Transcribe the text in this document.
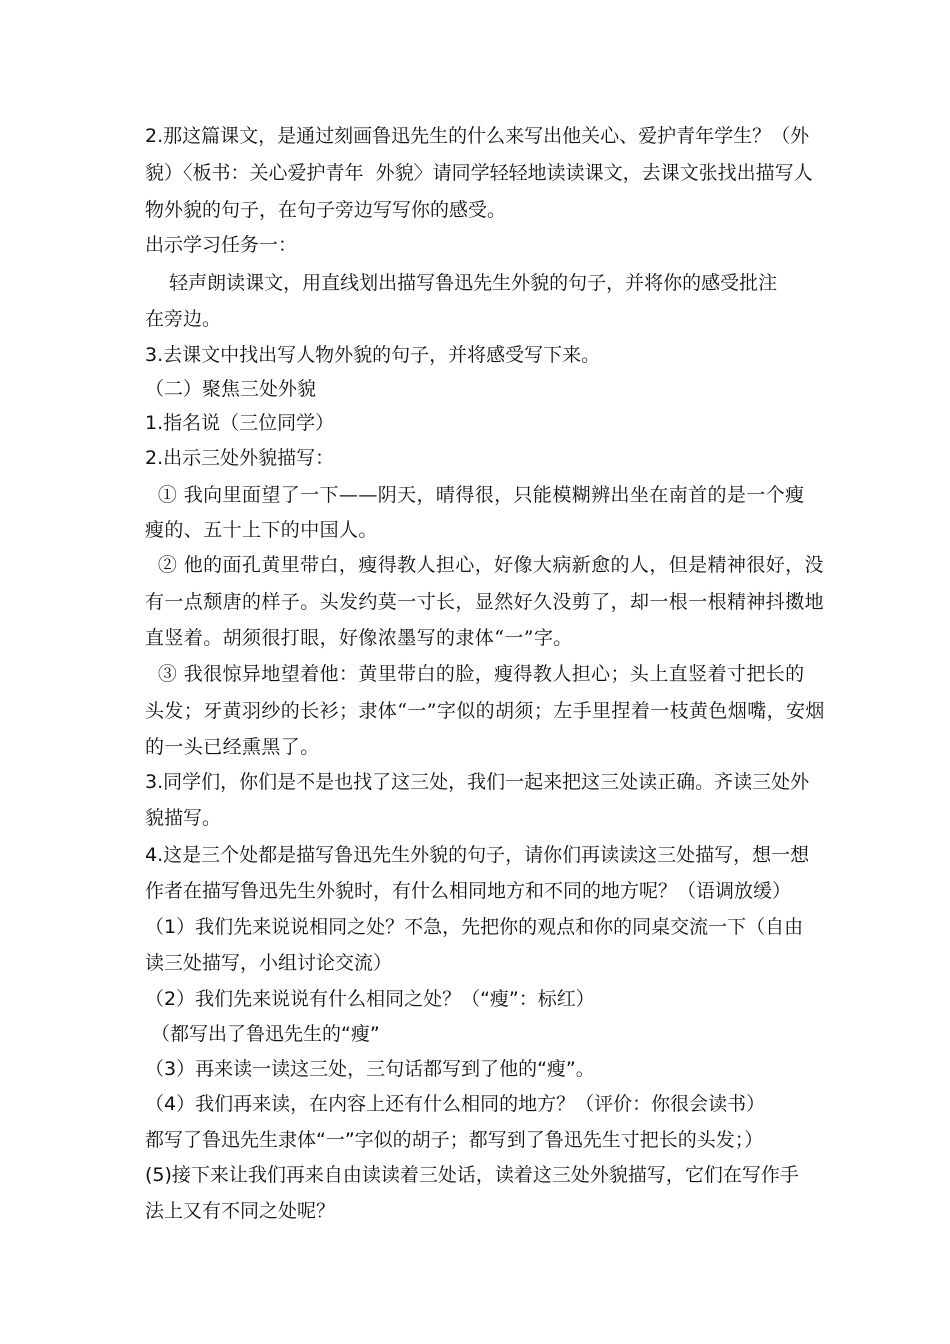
2.那这篇课文，是通过刻画鲁迅先生的什么来写出他关心、爱护青年学生？（外
貌）〈板书：关心爱护青年  外貌〉请同学轻轻地读读课文，去课文张找出描写人
物外貌的句子，在句子旁边写写你的感受。
出示学习任务一：
轻声朗读课文，用直线划出描写鲁迅先生外貌的句子，并将你的感受批注
在旁边。
3.去课文中找出写人物外貌的句子，并将感受写下来。
（二）聚焦三处外貌
1.指名说（三位同学）
2.出示三处外貌描写：
① 我向里面望了一下——阴天，晴得很，只能模糊辨出坐在南首的是一个瘦
瘦的、五十上下的中国人。
② 他的面孔黄里带白，瘦得教人担心，好像大病新愈的人，但是精神很好，没
有一点颓唐的样子。头发约莫一寸长，显然好久没剪了，却一根一根精神抖擞地
直竖着。胡须很打眼，好像浓墨写的隶体“一”字。
③ 我很惊异地望着他：黄里带白的脸，瘦得教人担心；头上直竖着寸把长的
头发；牙黄羽纱的长衫；隶体“一”字似的胡须；左手里捏着一枝黄色烟嘴，安烟
的一头已经熏黑了。
3.同学们，你们是不是也找了这三处，我们一起来把这三处读正确。齐读三处外
貌描写。
4.这是三个处都是描写鲁迅先生外貌的句子，请你们再读读这三处描写，想一想
作者在描写鲁迅先生外貌时，有什么相同地方和不同的地方呢？（语调放缓）
（1）我们先来说说相同之处？不急，先把你的观点和你的同桌交流一下（自由
读三处描写，小组讨论交流）
（2）我们先来说说有什么相同之处？（“瘦”：标红）
（都写出了鲁迅先生的“瘦”
（3）再来读一读这三处，三句话都写到了他的“瘦”。
（4）我们再来读，在内容上还有什么相同的地方？（评价：你很会读书）
都写了鲁迅先生隶体“一”字似的胡子；都写到了鲁迅先生寸把长的头发；）
(5)接下来让我们再来自由读读着三处话，读着这三处外貌描写，它们在写作手
法上又有不同之处呢？
